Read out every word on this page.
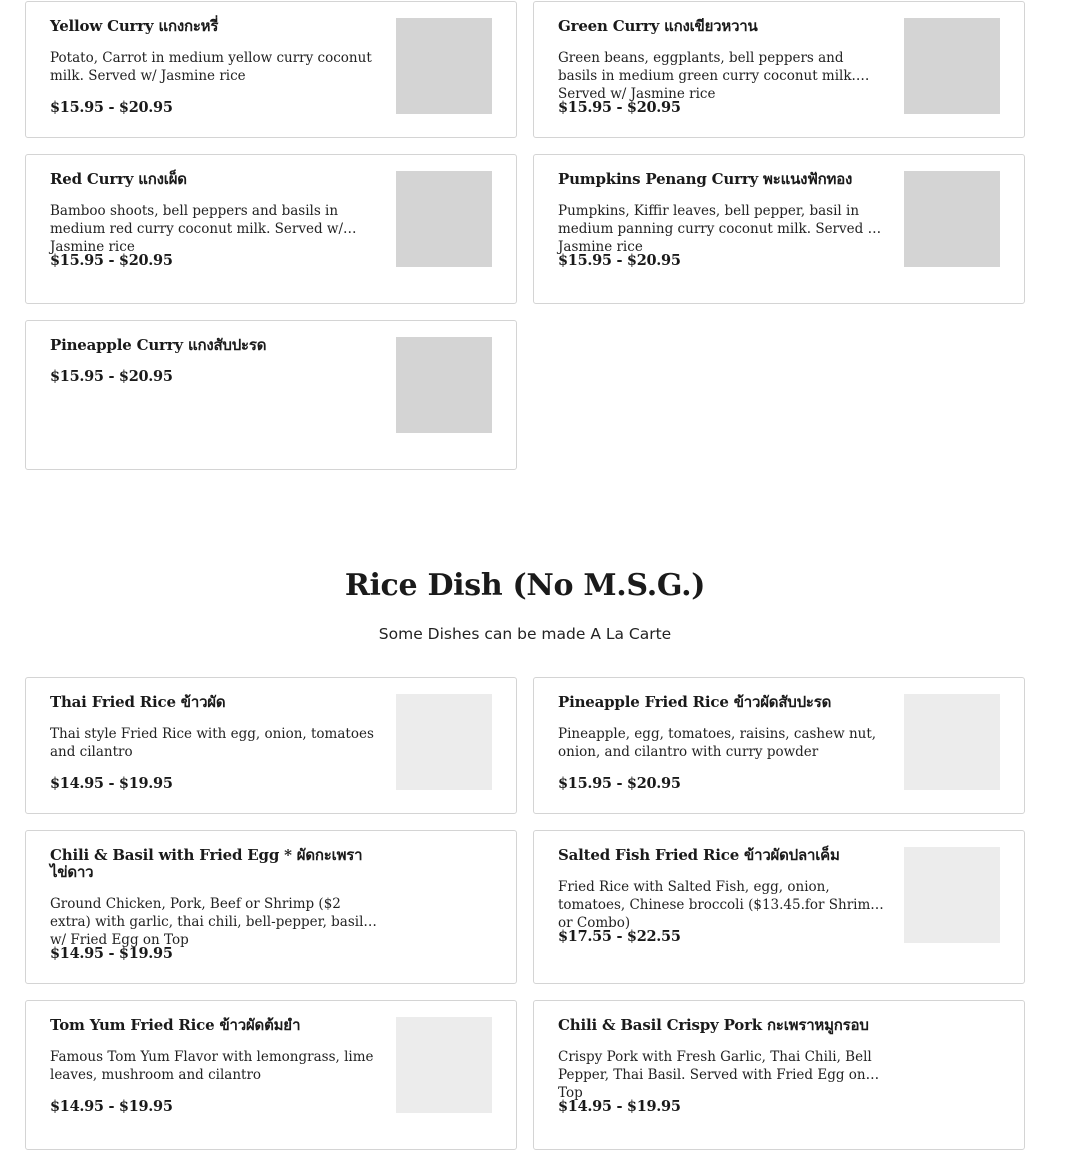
Yellow Curry แกงกะหรี่
Potato, Carrot in medium yellow curry coconut milk. Served w/ Jasmine rice
$15.95 - $20.95
Green Curry แกงเขียวหวาน
Green beans, eggplants, bell peppers and basils in medium green curry coconut milk. Served w/ Jasmine rice
$15.95 - $20.95
Red Curry แกงเผ็ด
Bamboo shoots, bell peppers and basils in medium red curry coconut milk. Served w/ Jasmine rice
$15.95 - $20.95
Pumpkins Penang Curry พะแนงฟักทอง
Pumpkins, Kiffir leaves, bell pepper, basil in medium panning curry coconut milk. Served w/ Jasmine rice
$15.95 - $20.95
Pineapple Curry แกงสับปะรด
$15.95 - $20.95
Rice Dish (No M.S.G.)

Some Dishes can be made A La Carte

Thai Fried Rice ข้าวผัด
Thai style Fried Rice with egg, onion, tomatoes and cilantro
$14.95 - $19.95
Pineapple Fried Rice ข้าวผัดสับปะรด
Pineapple, egg, tomatoes, raisins, cashew nut, onion, and cilantro with curry powder
$15.95 - $20.95
Chili & Basil with Fried Egg * ผัดกะเพราไข่ดาว
Ground Chicken, Pork, Beef or Shrimp ($2 extra) with garlic, thai chili, bell-pepper, basil w/ Fried Egg on Top
$14.95 - $19.95
Salted Fish Fried Rice ข้าวผัดปลาเค็ม
Fried Rice with Salted Fish, egg, onion, tomatoes, Chinese broccoli ($13.45.for Shrimp or Combo)
$17.55 - $22.55
Tom Yum Fried Rice ข้าวผัดต้มยำ
Famous Tom Yum Flavor with lemongrass, lime leaves, mushroom and cilantro
$14.95 - $19.95
Chili & Basil Crispy Pork กะเพราหมูกรอบ
Crispy Pork with Fresh Garlic, Thai Chili, Bell Pepper, Thai Basil. Served with Fried Egg on Top
$14.95 - $19.95
